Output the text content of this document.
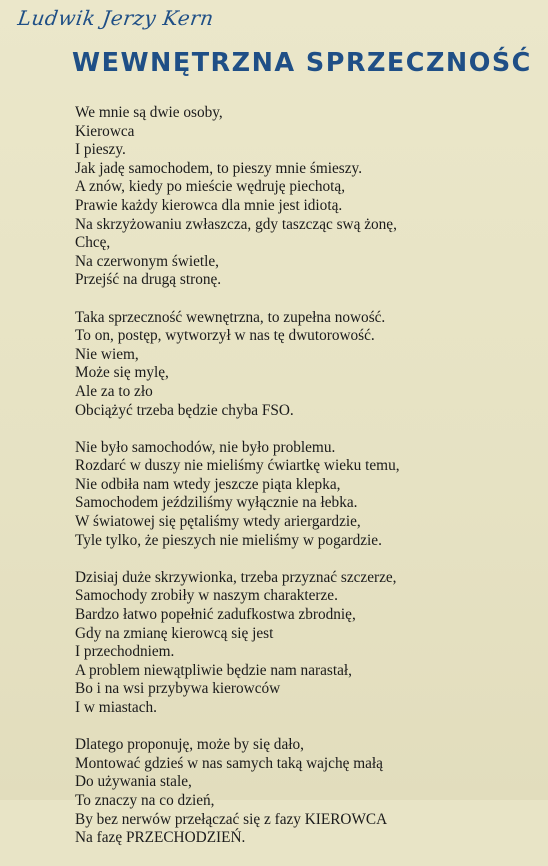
Ludwik Jerzy Kern
WEWNĘTRZNA SPRZECZNOŚĆ
We mnie są dwie osoby,
Kierowca
I pieszy.
Jak jadę samochodem, to pieszy mnie śmieszy.
A znów, kiedy po mieście wędruję piechotą,
Prawie każdy kierowca dla mnie jest idiotą.
Na skrzyżowaniu zwłaszcza, gdy taszcząc swą żonę,
Chcę,
Na czerwonym świetle,
Przejść na drugą stronę.
Taka sprzeczność wewnętrzna, to zupełna nowość.
To on, postęp, wytworzył w nas tę dwutorowość.
Nie wiem,
Może się mylę,
Ale za to zło
Obciążyć trzeba będzie chyba FSO.
Nie było samochodów, nie było problemu.
Rozdarć w duszy nie mieliśmy ćwiartkę wieku temu,
Nie odbiła nam wtedy jeszcze piąta klepka,
Samochodem jeździliśmy wyłącznie na łebka.
W światowej się pętaliśmy wtedy ariergardzie,
Tyle tylko, że pieszych nie mieliśmy w pogardzie.
Dzisiaj duże skrzywionka, trzeba przyznać szczerze,
Samochody zrobiły w naszym charakterze.
Bardzo łatwo popełnić zadufkostwa zbrodnię,
Gdy na zmianę kierowcą się jest
I przechodniem.
A problem niewątpliwie będzie nam narastał,
Bo i na wsi przybywa kierowców
I w miastach.
Dlatego proponuję, może by się dało,
Montować gdzieś w nas samych taką wajchę małą
Do używania stale,
To znaczy na co dzień,
By bez nerwów przełączać się z fazy KIEROWCA
Na fazę PRZECHODZIEŃ.
